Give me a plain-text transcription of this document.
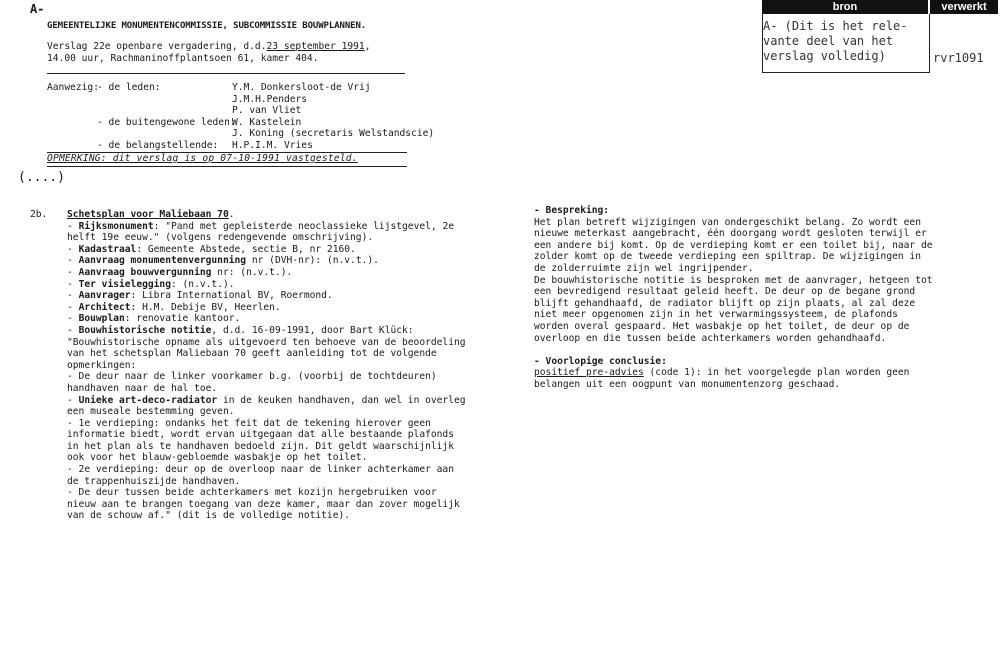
A-
GEMEENTELIJKE MONUMENTENCOMMISSIE, SUBCOMMISSIE BOUWPLANNEN.
Verslag 22e openbare vergadering, d.d.23 september 1991,
14.00 uur, Rachmaninoffplantsoen 61, kamer 404.
Aanwezig:
- de leden:	Y.M. Donkersloot-de Vrij
J.M.H.Penders
P. van Vliet
- de buitengewone leden:
W. Kastelein
J. Koning (secretaris Welstandscie)
- de belangstellende: H.P.I.M. Vries
OPMERKING: dit verslag is op 07-10-1991 vastgesteld.
(....)
bron	verwerkt
A- (Dit is het rele-
vante deel van het
verslag volledig)	rvr1091
2b. Schetsplan voor Maliebaan 70.
- Rijksmonument: "Pand met gepleisterde neoclassieke lijstgevel, 2e
helft 19e eeuw." (volgens redengevende omschrijving).
- Kadastraal: Gemeente Abstede, sectie B, nr 2160.
- Aanvraag monumentenvergunning nr (DVH-nr): (n.v.t.).
- Aanvraag bouwvergunning nr: (n.v.t.).
- Ter visielegging: (n.v.t.).
- Aanvrager: Libra International BV, Roermond.
- Architect: H.M. Debije BV, Heerlen.
- Bouwplan: renovatie kantoor.
- Bouwhistorische notitie, d.d. 16-09-1991, door Bart Klück:
"Bouwhistorische opname als uitgevoerd ten behoeve van de beoordeling
van het schetsplan Maliebaan 70 geeft aanleiding tot de volgende
opmerkingen:
- De deur naar de linker voorkamer b.g. (voorbij de tochtdeuren)
handhaven naar de hal toe.
- Unieke art-deco-radiator in de keuken handhaven, dan wel in overleg
een museale bestemming geven.
- 1e verdieping: ondanks het feit dat de tekening hierover geen
informatie biedt, wordt ervan uitgegaan dat alle bestaande plafonds
in het plan als te handhaven bedoeld zijn. Dit geldt waarschijnlijk
ook voor het blauw-gebloemde wasbakje op het toilet.
- 2e verdieping: deur op de overloop naar de linker achterkamer aan
de trappenhuiszijde handhaven.
- De deur tussen beide achterkamers met kozijn hergebruiken voor
nieuw aan te brangen toegang van deze kamer, maar dan zover mogelijk
van de schouw af." (dit is de volledige notitie).
- Bespreking:
Het plan betreft wijzigingen van ondergeschikt belang. Zo wordt een
nieuwe meterkast aangebracht, één doorgang wordt gesloten terwijl er
een andere bij komt. Op de verdieping komt er een toilet bij, naar de
zolder komt op de tweede verdieping een spiltrap. De wijzigingen in
de zolderruimte zijn wel ingrijpender.
De bouwhistorische notitie is besproken met de aanvrager, hetgeen tot
een bevredigend resultaat geleid heeft. De deur op de begane grond
blijft gehandhaafd, de radiator blijft op zijn plaats, al zal deze
niet meer opgenomen zijn in het verwarmingssysteem, de plafonds
worden overal gespaard. Het wasbakje op het toilet, de deur op de
overloop en die tussen beide achterkamers worden gehandhaafd.
- Voorlopige conclusie:
positief pre-advies (code 1): in het voorgelegde plan worden geen
belangen uit een oogpunt van monumentenzorg geschaad.
